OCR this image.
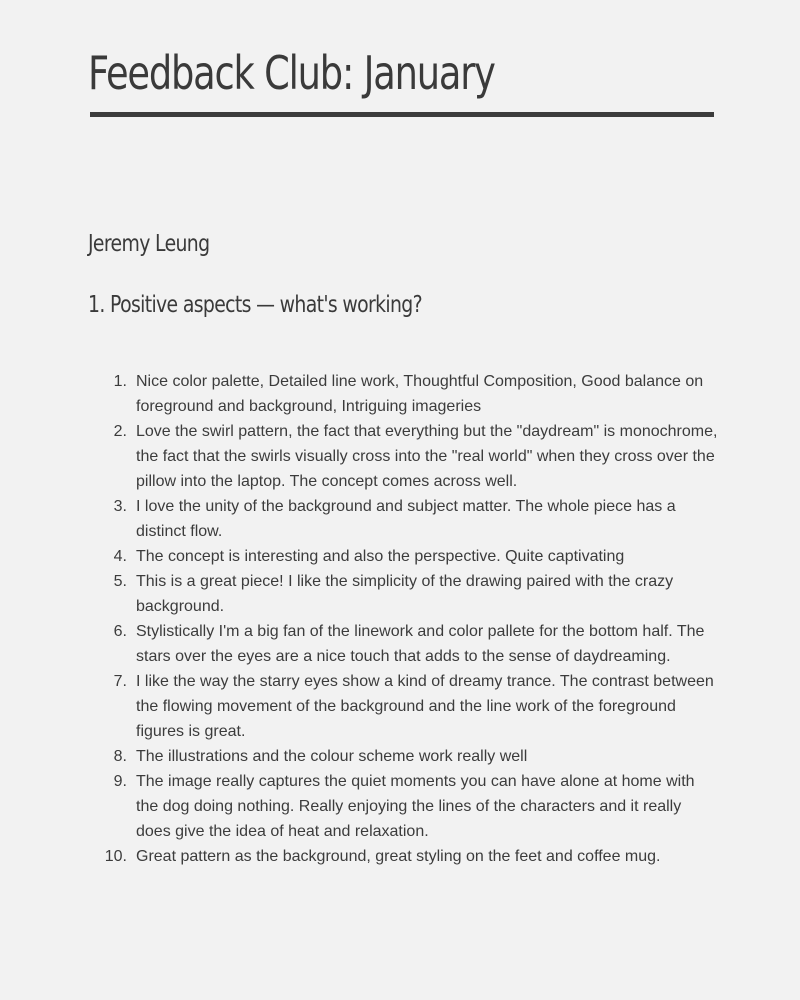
Feedback Club: January
Jeremy Leung
1. Positive aspects — what's working?
1. Nice color palette, Detailed line work, Thoughtful Composition, Good balance on foreground and background, Intriguing imageries
2. Love the swirl pattern, the fact that everything but the "daydream" is monochrome, the fact that the swirls visually cross into the "real world" when they cross over the pillow into the laptop. The concept comes across well.
3. I love the unity of the background and subject matter. The whole piece has a distinct flow.
4. The concept is interesting and also the perspective. Quite captivating
5. This is a great piece! I like the simplicity of the drawing paired with the crazy background.
6. Stylistically I'm a big fan of the linework and color pallete for the bottom half. The stars over the eyes are a nice touch that adds to the sense of daydreaming.
7. I like the way the starry eyes show a kind of dreamy trance. The contrast between the flowing movement of the background and the line work of the foreground figures is great.
8. The illustrations and the colour scheme work really well
9. The image really captures the quiet moments you can have alone at home with the dog doing nothing. Really enjoying the lines of the characters and it really does give the idea of heat and relaxation.
10. Great pattern as the background, great styling on the feet and coffee mug.
